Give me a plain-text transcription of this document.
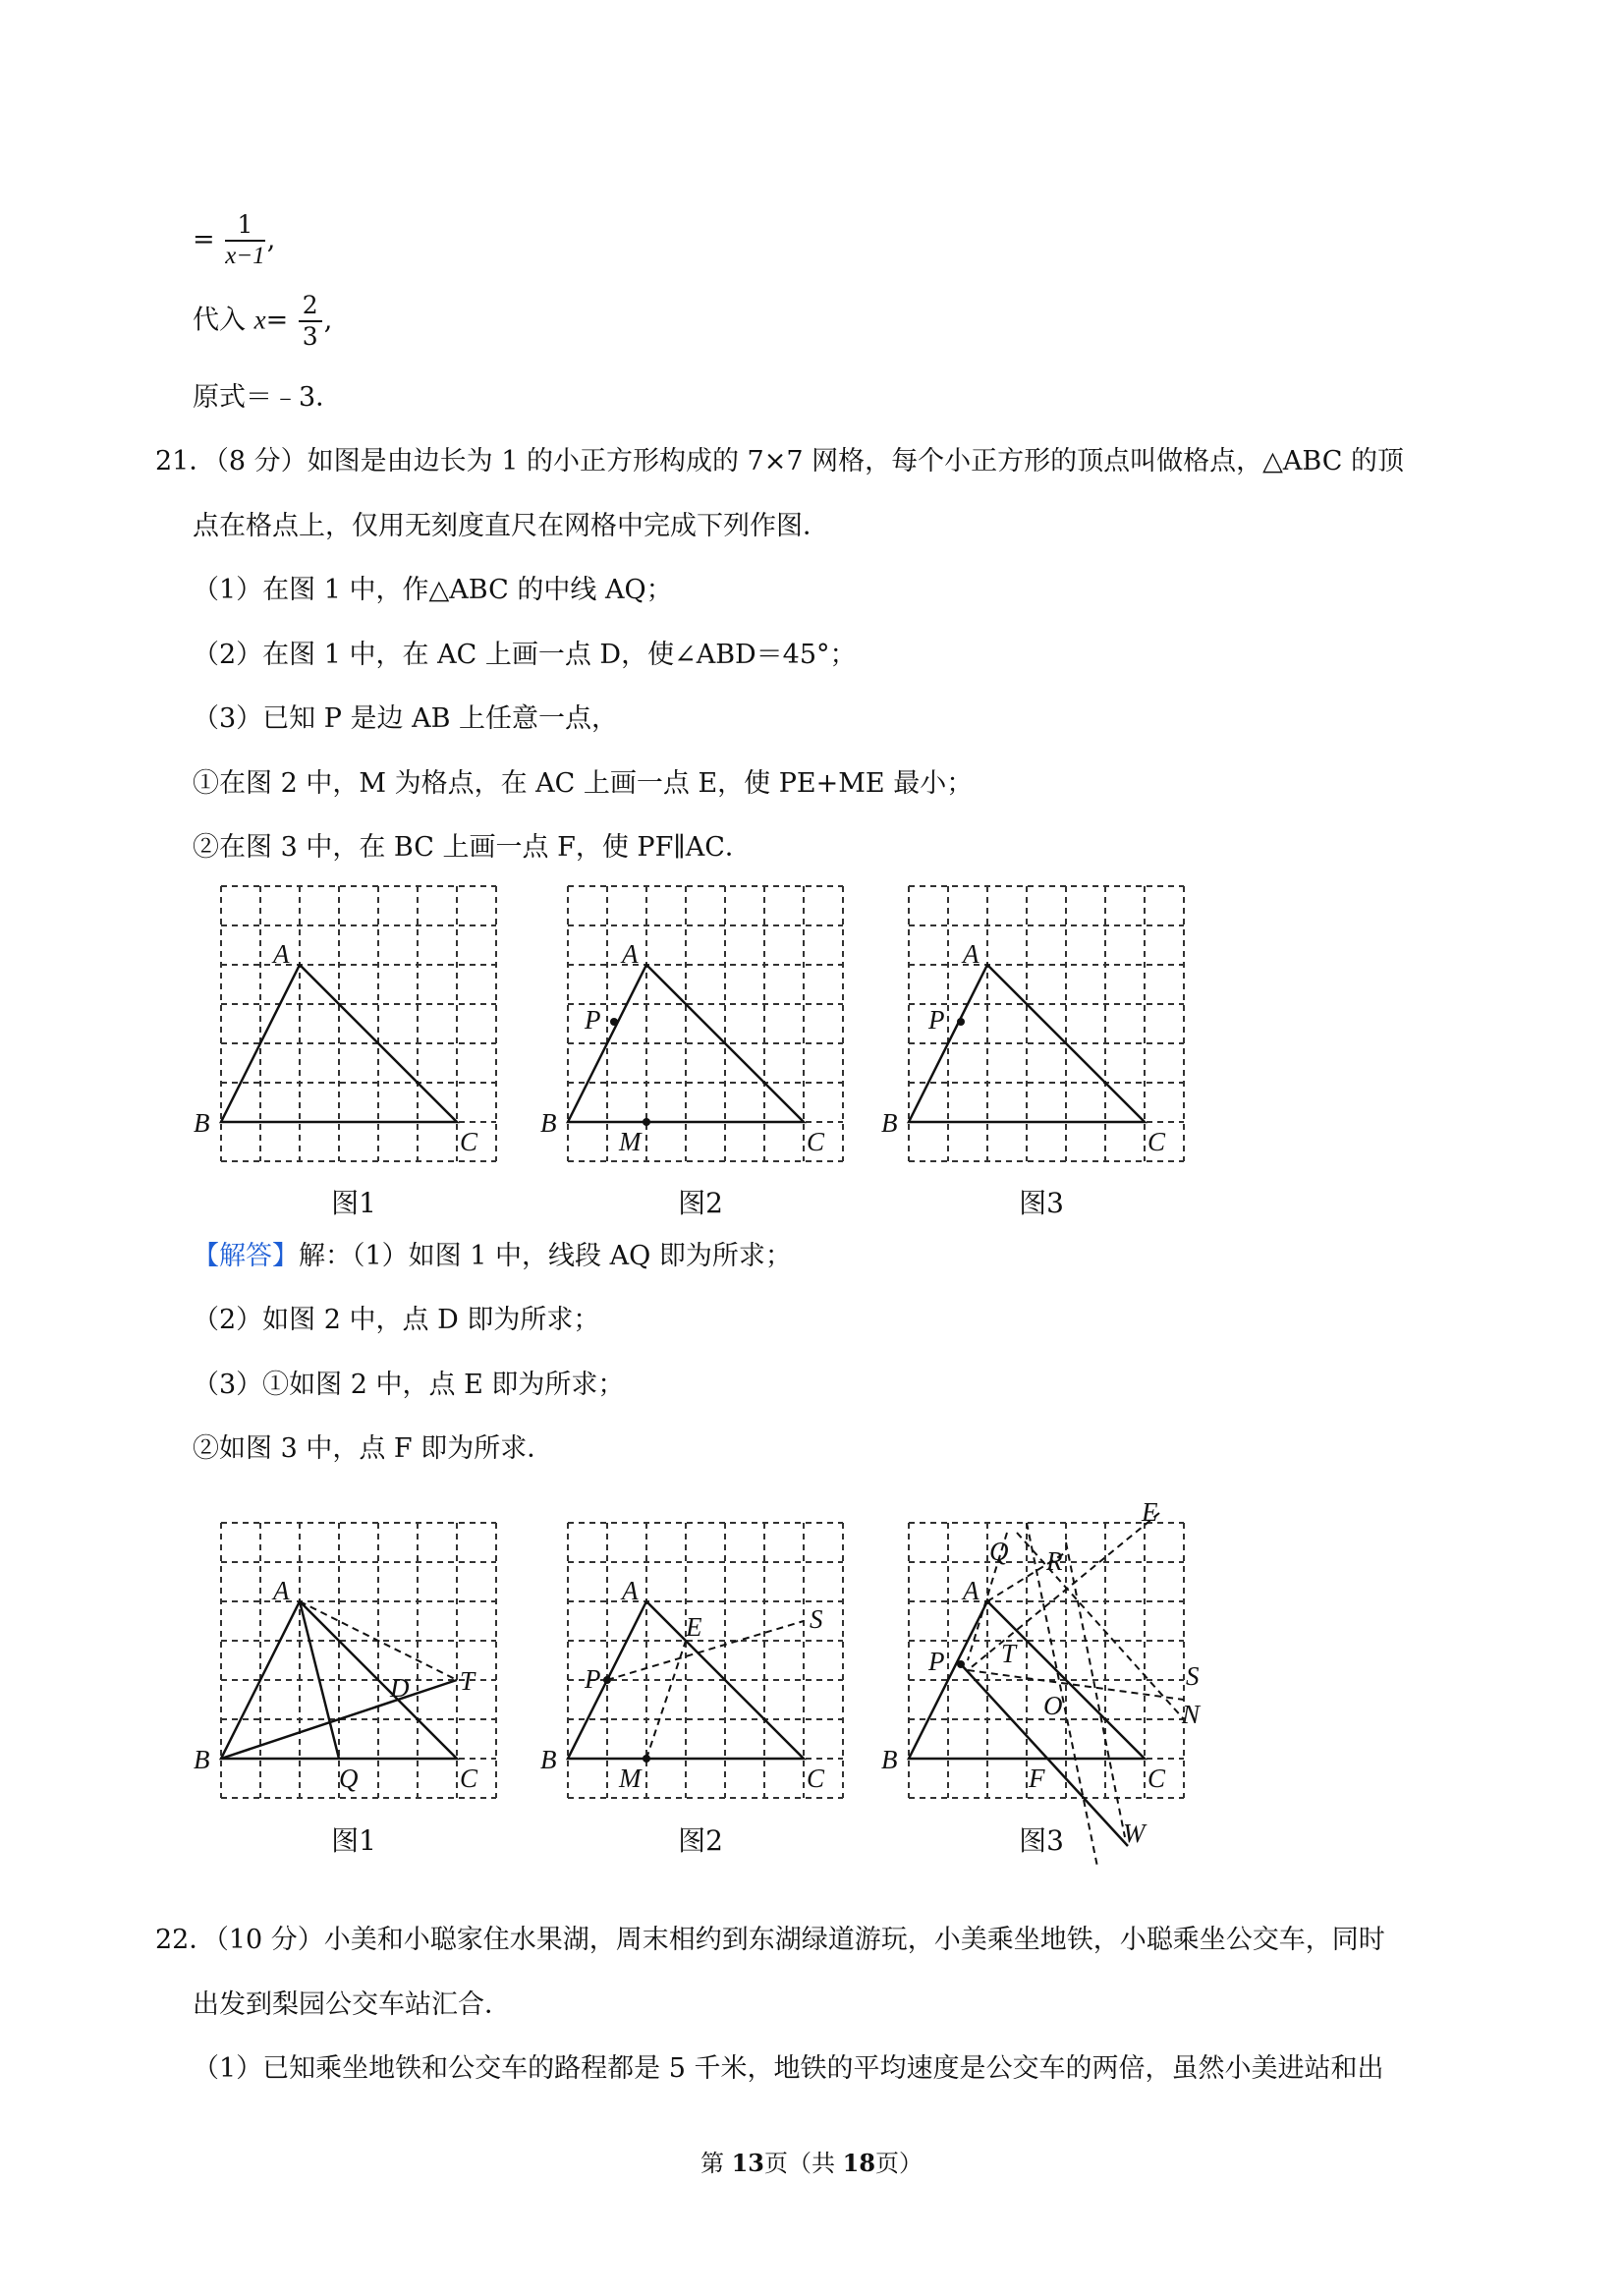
= $\frac{1}{x-1}$ ,
代入 $x= \frac{2}{3}$ ,
原式＝﹣3．
21．（8 分）如图是由边长为 1 的小正方形构成的 7×7 网格，每个小正方形的顶点叫做格点，△ABC 的顶
点在格点上，仅用无刻度直尺在网格中完成下列作图．
（1）在图 1 中，作△ABC 的中线 AQ；
（2）在图 1 中，在 AC 上画一点 D，使∠ABD＝45°；
（3）已知 P 是边 AB 上任意一点，
①在图 2 中，M 为格点，在 AC 上画一点 E，使 PE+ME 最小；
②在图 3 中，在 BC 上画一点 F，使 PF∥AC．
A
B
C
图1
A
P
B
M	C
图2
A
P
B
C
图3
【解答】解：（1）如图 1 中，线段 AQ 即为所求；
（2）如图 2 中，点 D 即为所求；
（3）①如图 2 中，点 E 即为所求；
②如图 3 中，点 F 即为所求．
A
B
Q	C
D T
图1
A
E	S
P
B
M	C
图2
E
Q R
A
T
P	S
O	N
B
F	C
W
图3
22．（10 分）小美和小聪家住水果湖，周末相约到东湖绿道游玩，小美乘坐地铁，小聪乘坐公交车，同时
出发到梨园公交车站汇合．
（1）已知乘坐地铁和公交车的路程都是 5 千米，地铁的平均速度是公交车的两倍，虽然小美进站和出
第 13页（共 18页）
